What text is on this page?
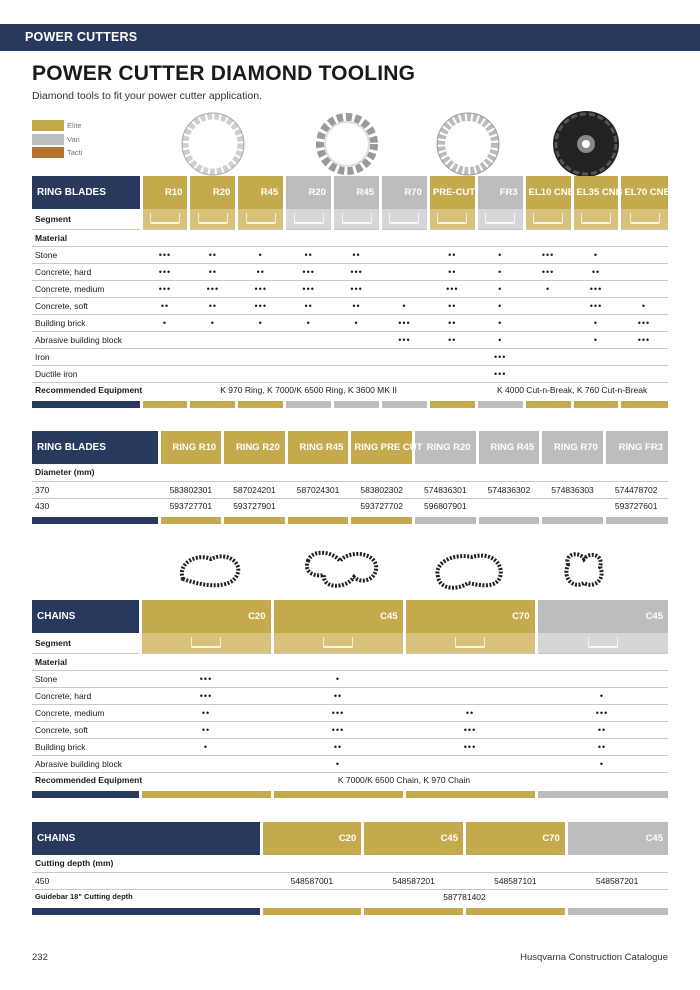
POWER CUTTERS
POWER CUTTER DIAMOND TOOLING
Diamond tools to fit your power cutter application.
Elite
Vari
Tacti
RING BLADES	R10	R20	R45	R20	R45	R70	PRE-CUT	FR3	EL10 CNB	EL35 CNB	EL70 CNB
Segment	

Material											
Stone	•••	••	•	••	••		••	•	•••	•	
Concrete, hard	•••	••	••	•••	•••		••	•	•••	••	
Concrete, medium	•••	•••	•••	•••	•••		•••	•	•	•••	
Concrete, soft	••	••	•••	••	••	•	••	•		•••	•
Building brick	•	•	•	•	•	•••	••	•		•	•••
Abrasive building block						•••	••	•		•	•••
Iron								•••			
Ductile iron								•••			
Recommended Equipment	K 970 Ring, K 7000/K 6500 Ring, K 3600 MK II							K 4000 Cut-n-Break, K 760 Cut-n-Break			

RING BLADES	RING R10	RING R20	RING R45	RING PRE CUT	RING R20	RING R45	RING R70	RING FR3
Diameter (mm)								
370	583802301	587024201	587024301	583802302	574836301	574836302	574836303	574478702
430	593727701	593727901		593727702	596807901			593727601

CHAINS	C20	C45	C70	C45
Segment	

Material				
Stone	•••	•		
Concrete, hard	•••	••		•
Concrete, medium	••	•••	••	•••
Concrete, soft	••	•••	•••	••
Building brick	•	••	•••	••
Abrasive building block		•		•
Recommended Equipment	K 7000/K 6500 Chain, K 970 Chain			

CHAINS	C20	C45	C70	C45
Cutting depth (mm)				
450	548587001	548587201	548587101	548587201
Guidebar 18" Cutting depth	587781402			

232	Husqvarna Construction Catalogue
